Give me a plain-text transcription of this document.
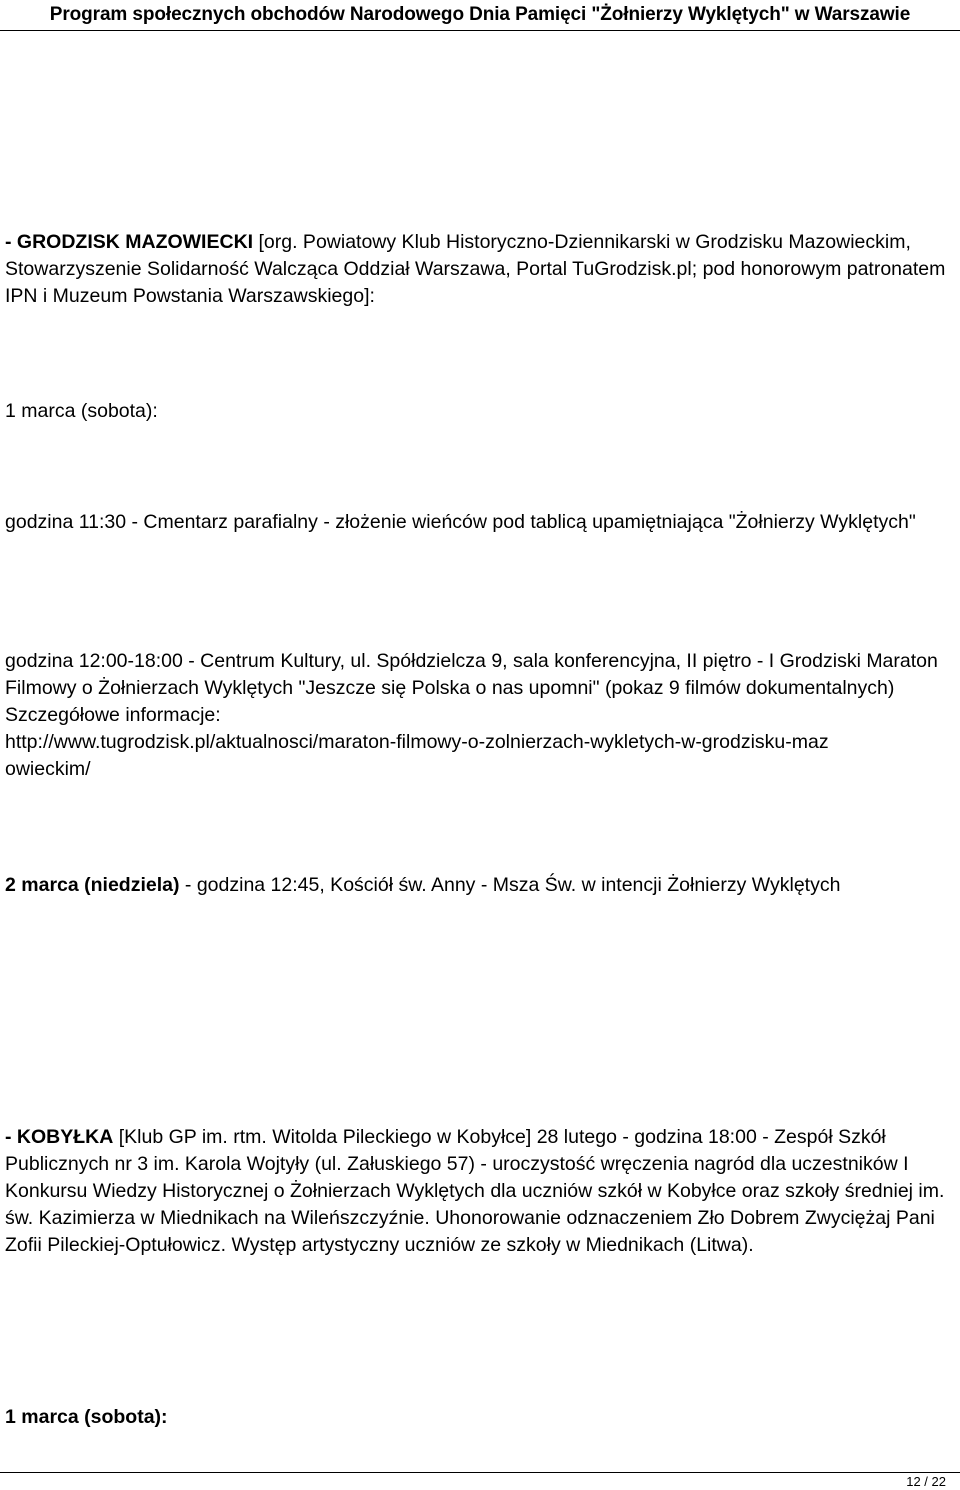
Program społecznych obchodów Narodowego Dnia Pamięci "Żołnierzy Wyklętych" w Warszawie

- GRODZISK MAZOWIECKI [org. Powiatowy Klub Historyczno-Dziennikarski w Grodzisku Mazowieckim, Stowarzyszenie Solidarność Walcząca Oddział Warszawa, Portal TuGrodzisk.pl; pod honorowym patronatem IPN i Muzeum Powstania Warszawskiego]:

1 marca (sobota):

godzina 11:30 - Cmentarz parafialny - złożenie wieńców pod tablicą upamiętniająca "Żołnierzy Wyklętych"

godzina 12:00-18:00 - Centrum Kultury, ul. Spółdzielcza 9, sala konferencyjna, II piętro - I Grodziski Maraton Filmowy o Żołnierzach Wyklętych "Jeszcze się Polska o nas upomni" (pokaz 9 filmów dokumentalnych) Szczegółowe informacje:
http://www.tugrodzisk.pl/aktualnosci/maraton-filmowy-o-zolnierzach-wykletych-w-grodzisku-maz
owieckim/

2 marca (niedziela) - godzina 12:45, Kościół św. Anny - Msza Św. w intencji Żołnierzy Wyklętych

- KOBYŁKA [Klub GP im. rtm. Witolda Pileckiego w Kobyłce] 28 lutego - godzina 18:00 - Zespół Szkół Publicznych nr 3 im. Karola Wojtyły (ul. Załuskiego 57) - uroczystość wręczenia nagród dla uczestników I Konkursu Wiedzy Historycznej o Żołnierzach Wyklętych dla uczniów szkół w Kobyłce oraz szkoły średniej im. św. Kazimierza w Miednikach na Wileńszczyźnie. Uhonorowanie odznaczeniem Zło Dobrem Zwyciężaj Pani Zofii Pileckiej-Optułowicz. Występ artystyczny uczniów ze szkoły w Miednikach (Litwa).

1 marca (sobota):

12 / 22
